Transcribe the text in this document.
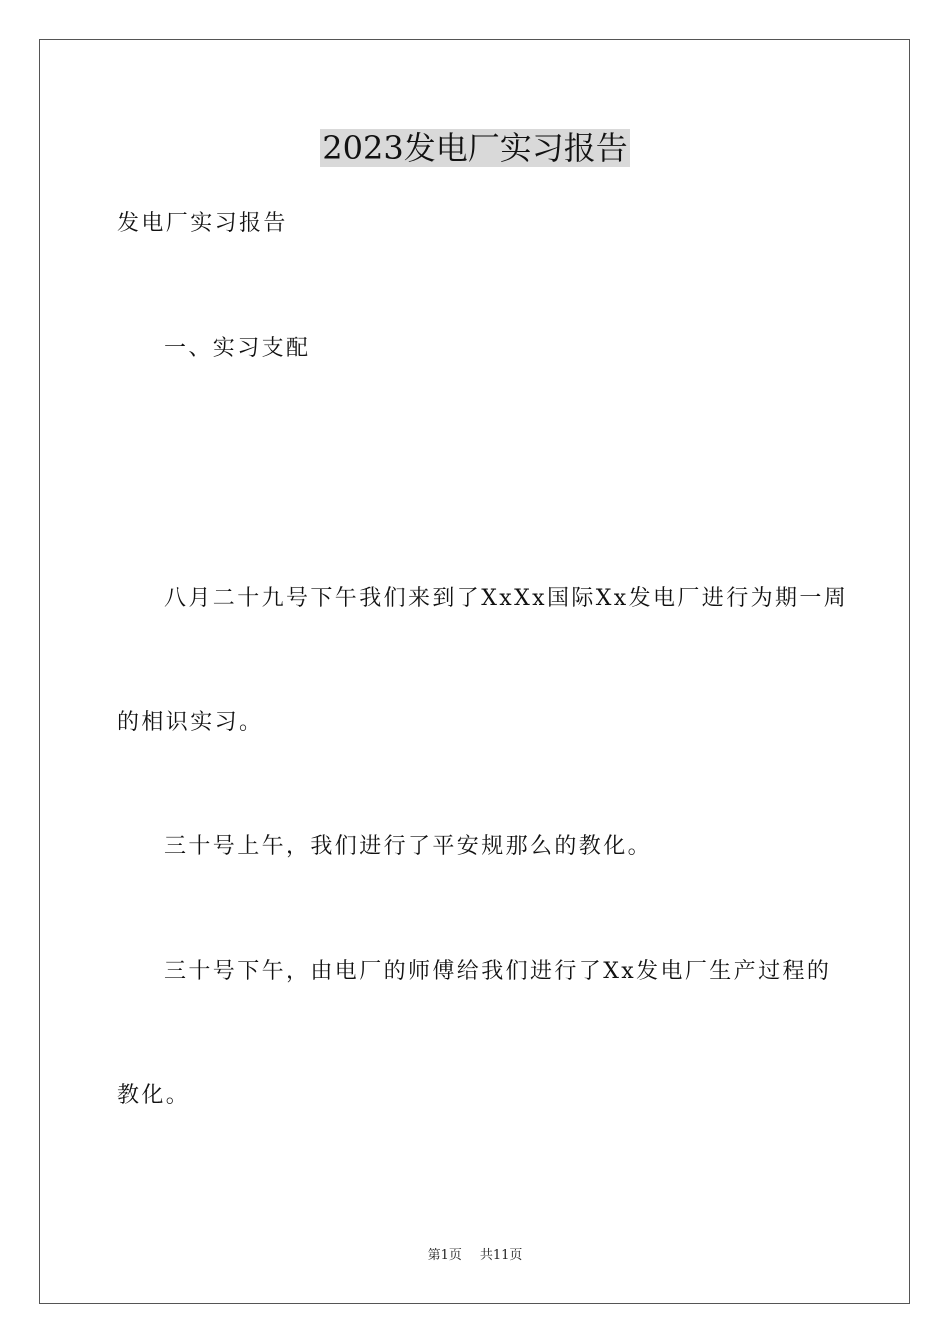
2023发电厂实习报告
发电厂实习报告
一、实习支配
八月二十九号下午我们来到了XxXx国际Xx发电厂进行为期一周
的相识实习。
三十号上午，我们进行了平安规那么的教化。
三十号下午，由电厂的师傅给我们进行了Xx发电厂生产过程的
教化。
第1页 共11页
